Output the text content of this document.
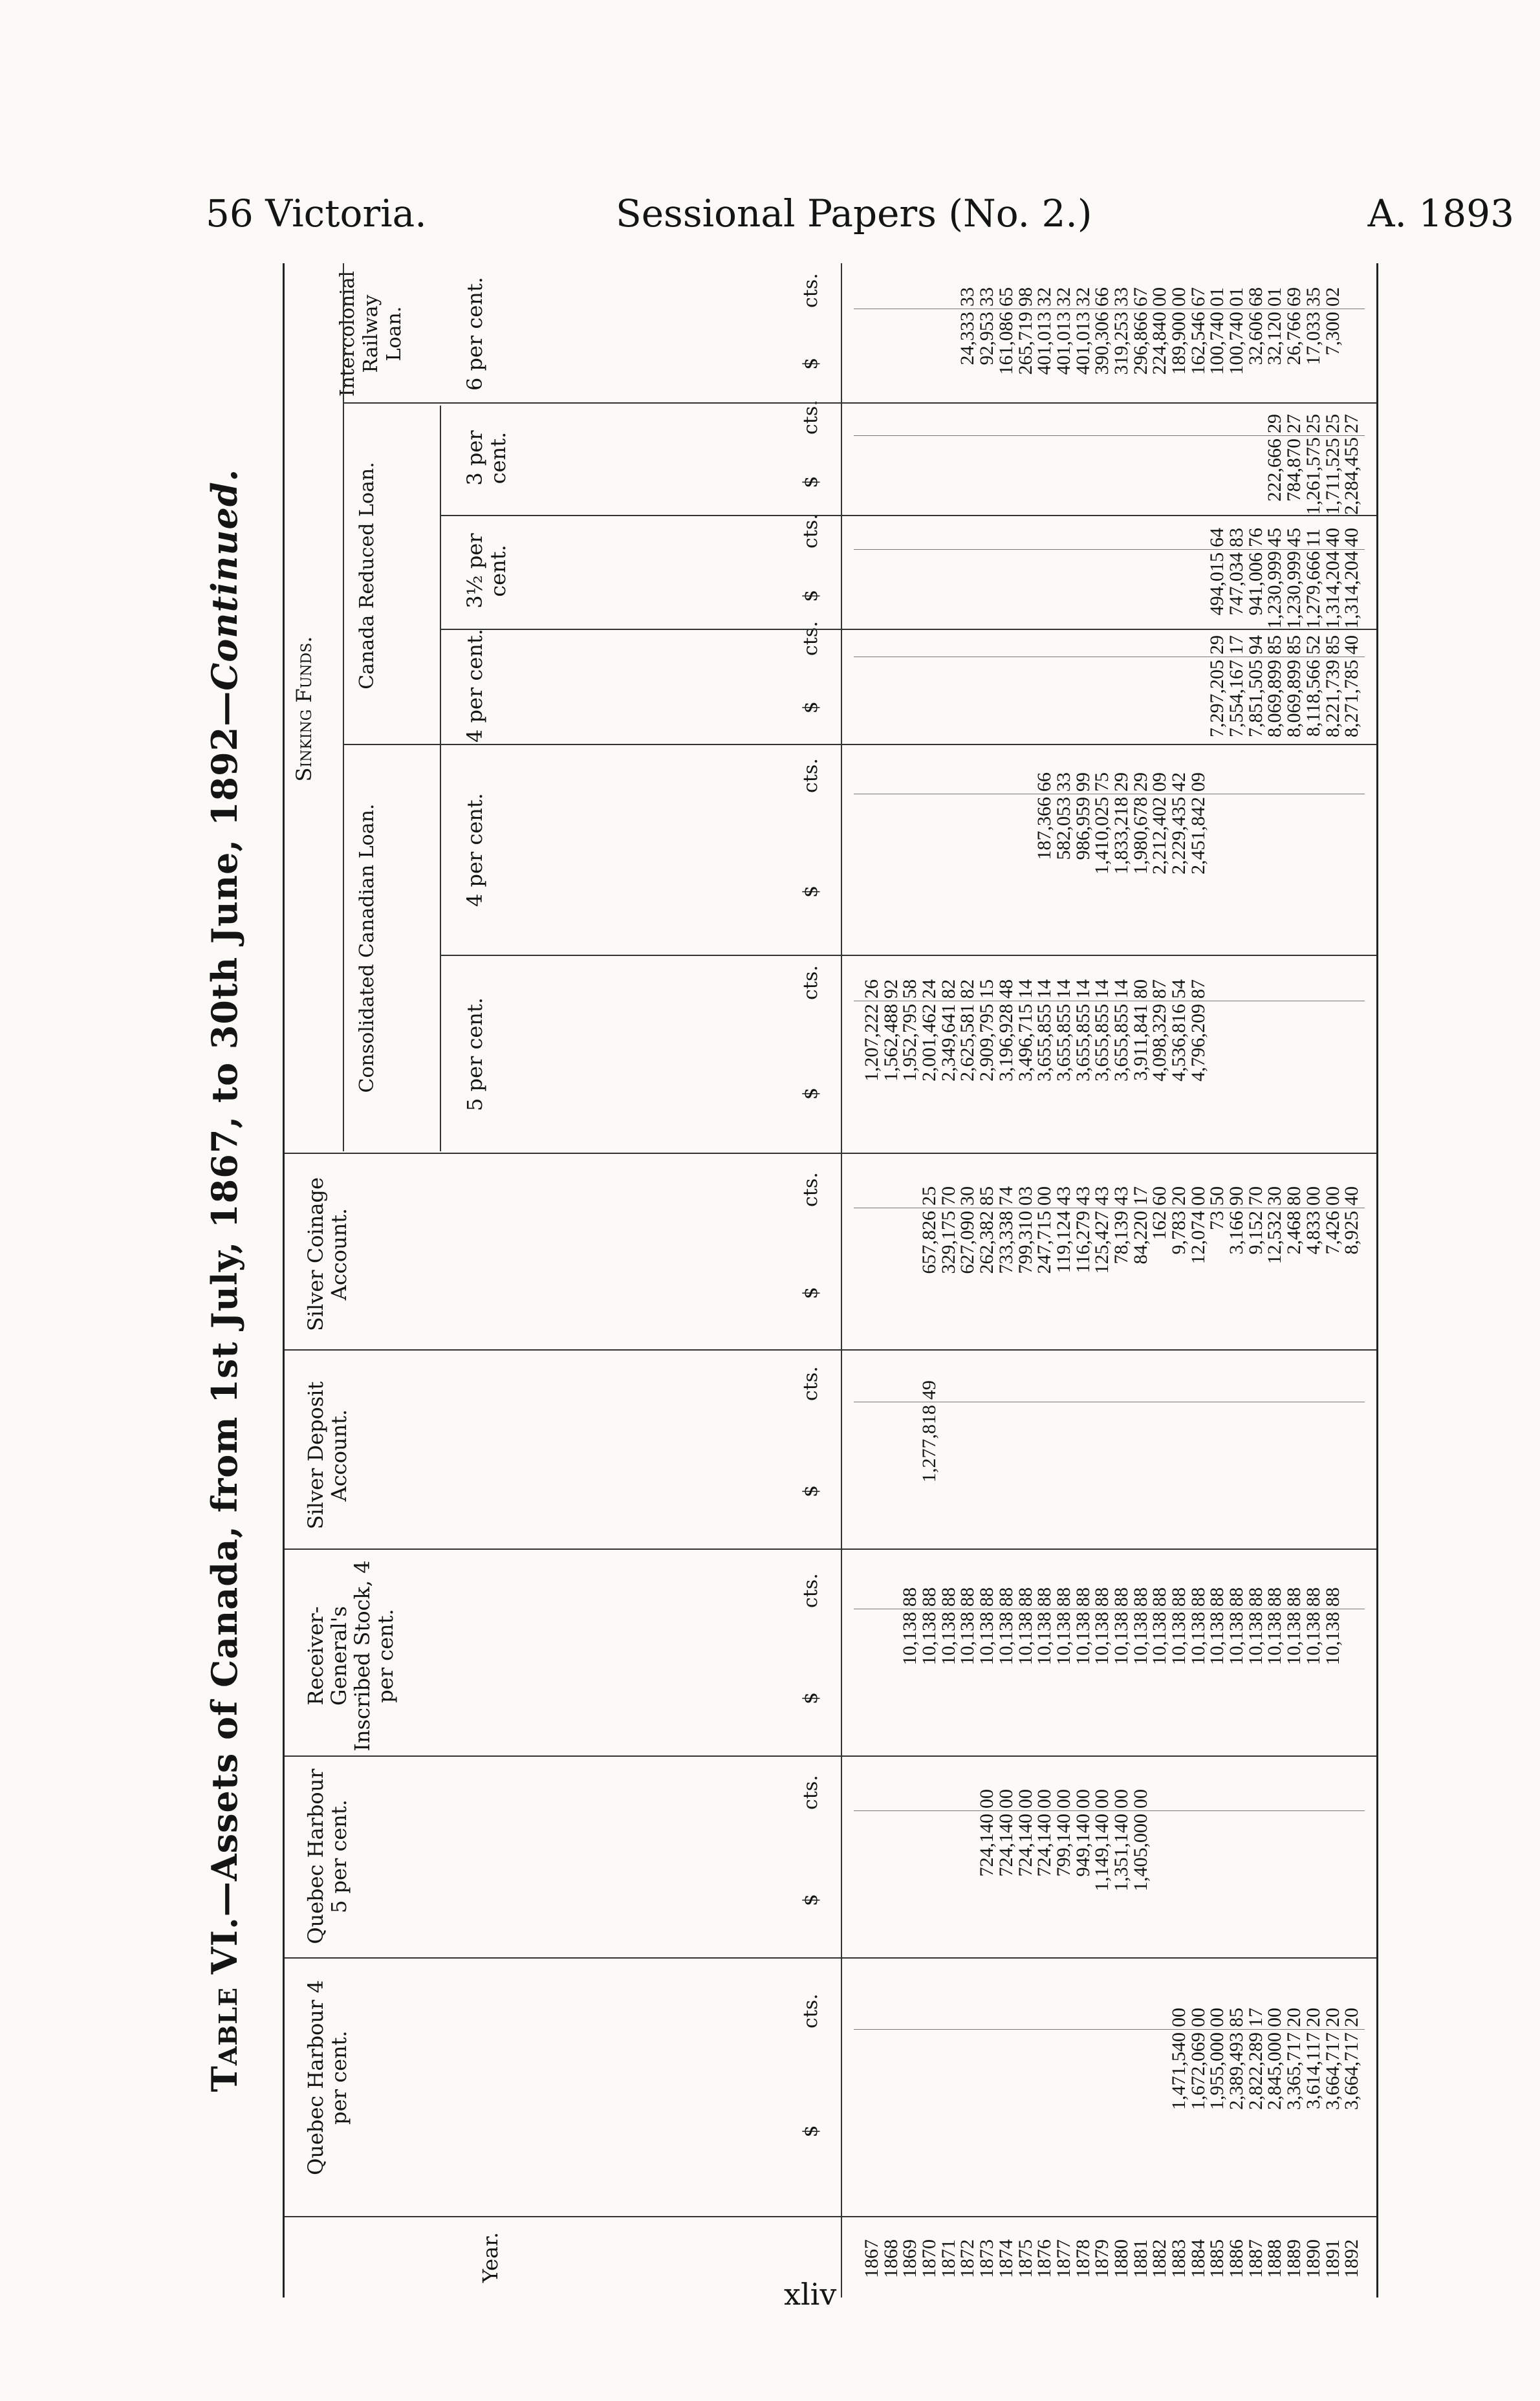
56 Victoria.	Sessional Papers (No. 2.)	A. 1893
Table VI.—Assets of Canada, from 1st July, 1867, to 30th June, 1892—Continued.
Year.
Quebec Harbour 4 per cent.
Quebec Harbour 5 per cent.
Receiver-General's Inscribed Stock, 4 per cent.
Silver Deposit Account.
Silver Coinage Account.
Sinking Funds.
Consolidated Canadian Loan.
Canada Reduced Loan.
Intercolonial Railway Loan.
5 per cent.
4 per cent.
4 per cent.
3½ per cent.
3 per cent.
6 per cent.
$
cts.
$
cts.
$
cts.
$
cts.
$
cts.
$
cts.
$
cts.
$
cts.
$
cts.
$
cts.
$
cts.
1867
1868
1869
1870
1871
1872
1873
1874
1875
1876
1877
1878
1879
1880
1881
1882
1883
1884
1885
1886
1887
1888
1889
1890
1891
1892
1,471,540
1,672,069
1,955,000
2,389,493
2,822,289
2,845,000
3,365,717
3,614,117
3,664,717
3,664,717
00
00
00
85
17
00
20
20
20
20
724,140
724,140
724,140
724,140
799,140
949,140
1,149,140
1,351,140
1,405,000
00
00
00
00
00
00
00
00
00
10,138
10,138
10,138
10,138
10,138
10,138
10,138
10,138
10,138
10,138
10,138
10,138
10,138
10,138
10,138
10,138
10,138
10,138
10,138
10,138
10,138
10,138
10,138
88
88
88
88
88
88
88
88
88
88
88
88
88
88
88
88
88
88
88
88
88
88
88
1,277,818
49
657,826
329,175
627,090
262,382
733,338
799,310
247,715
119,124
116,279
125,427
78,139
84,220
162
9,783
12,074
73
3,166
9,152
12,532
2,468
4,833
7,426
8,925
25
70
30
85
74
03
00
43
43
43
43
17
60
20
00
50
90
70
30
80
00
00
40
1,207,222
1,562,488
1,952,795
2,001,462
2,349,641
2,625,581
2,909,795
3,196,928
3,496,715
3,655,855
3,655,855
3,655,855
3,655,855
3,655,855
3,911,841
4,098,329
4,536,816
4,796,209
26
92
58
24
82
82
15
48
14
14
14
14
14
14
80
87
54
87
187,366
582,053
986,959
1,410,025
1,833,218
1,980,678
2,212,402
2,229,435
2,451,842
66
33
99
75
29
29
09
42
09
7,297,205
7,554,167
7,851,505
8,069,899
8,069,899
8,118,566
8,221,739
8,271,785
29
17
94
85
85
52
85
40
494,015
747,034
941,006
1,230,999
1,230,999
1,279,666
1,314,204
1,314,204
64
83
76
45
45
11
40
40
222,666
784,870
1,261,575
1,711,525
2,284,455
29
27
25
25
27
24,333
92,953
161,086
265,719
401,013
401,013
401,013
390,306
319,253
296,866
224,840
189,900
162,546
100,740
100,740
32,606
32,120
26,766
17,033
7,300
33
33
65
98
32
32
32
66
33
67
00
00
67
01
01
68
01
69
35
02
xliv
